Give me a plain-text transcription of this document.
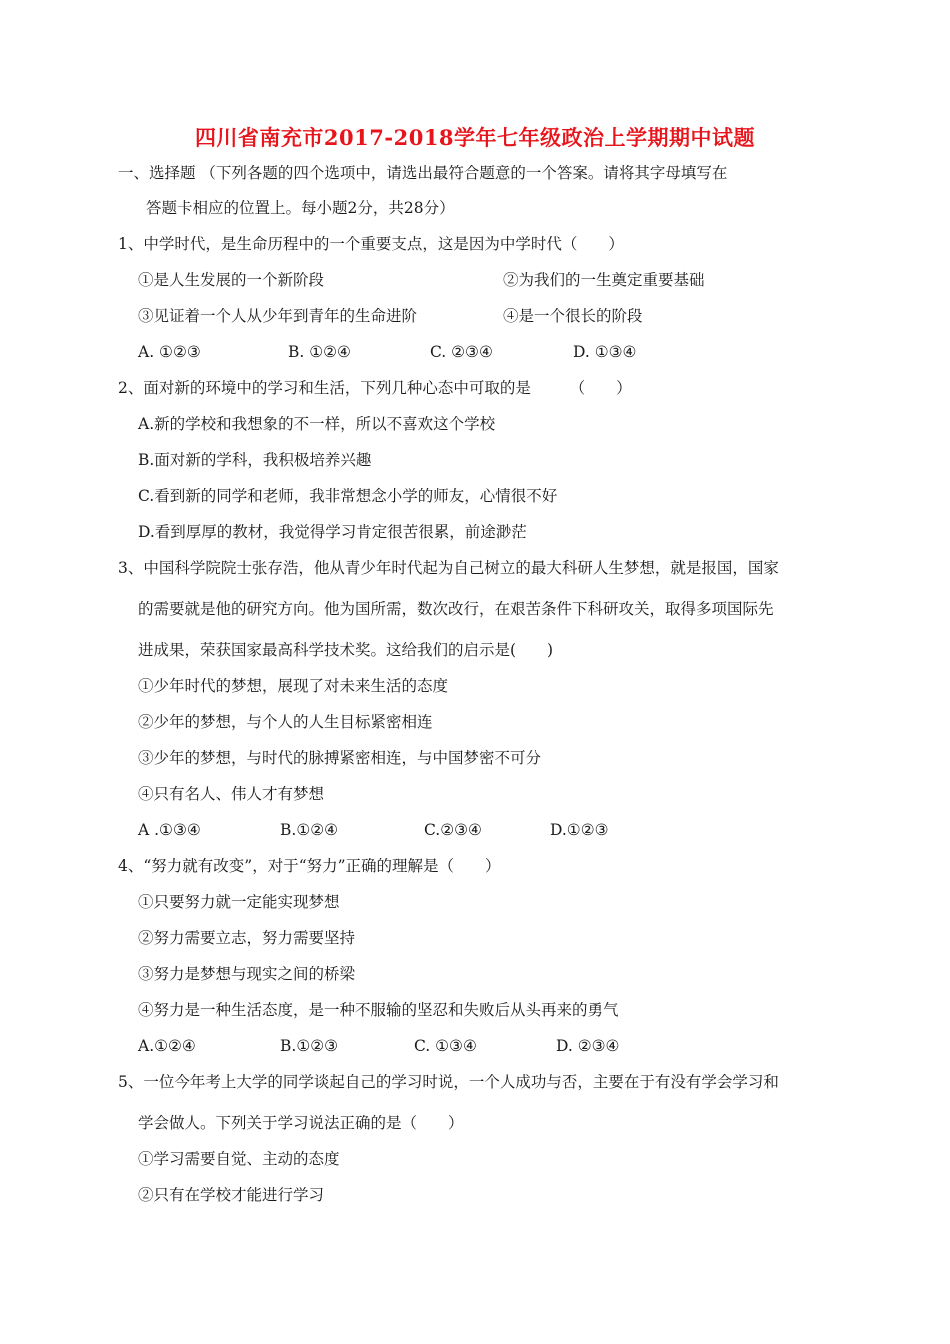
四川省南充市2017-2018学年七年级政治上学期期中试题
一、选择题 （下列各题的四个选项中，请选出最符合题意的一个答案。请将其字母填写在
答题卡相应的位置上。每小题2分，共28分）
1、中学时代，是生命历程中的一个重要支点，这是因为中学时代（　　）
①是人生发展的一个新阶段	②为我们的一生奠定重要基础
③见证着一个人从少年到青年的生命进阶	④是一个很长的阶段
A. ①②③	B. ①②④	C. ②③④	D. ①③④
2、面对新的环境中的学习和生活，下列几种心态中可取的是　　　（　　）
A.新的学校和我想象的不一样，所以不喜欢这个学校
B.面对新的学科，我积极培养兴趣
C.看到新的同学和老师，我非常想念小学的师友，心情很不好
D.看到厚厚的教材，我觉得学习肯定很苦很累，前途渺茫
3、中国科学院院士张存浩，他从青少年时代起为自己树立的最大科研人生梦想，就是报国，国家
的需要就是他的研究方向。他为国所需，数次改行，在艰苦条件下科研攻关，取得多项国际先
进成果，荣获国家最高科学技术奖。这给我们的启示是(　　)
①少年时代的梦想，展现了对未来生活的态度
②少年的梦想，与个人的人生目标紧密相连
③少年的梦想，与时代的脉搏紧密相连，与中国梦密不可分
④只有名人、伟人才有梦想
A .①③④	B.①②④	C.②③④	D.①②③
4、“努力就有改变”，对于“努力”正确的理解是（　　）
①只要努力就一定能实现梦想
②努力需要立志，努力需要坚持
③努力是梦想与现实之间的桥梁
④努力是一种生活态度，是一种不服输的坚忍和失败后从头再来的勇气
A.①②④	B.①②③	C. ①③④	D. ②③④
5、一位今年考上大学的同学谈起自己的学习时说，一个人成功与否，主要在于有没有学会学习和
学会做人。下列关于学习说法正确的是（　　）
①学习需要自觉、主动的态度
②只有在学校才能进行学习
